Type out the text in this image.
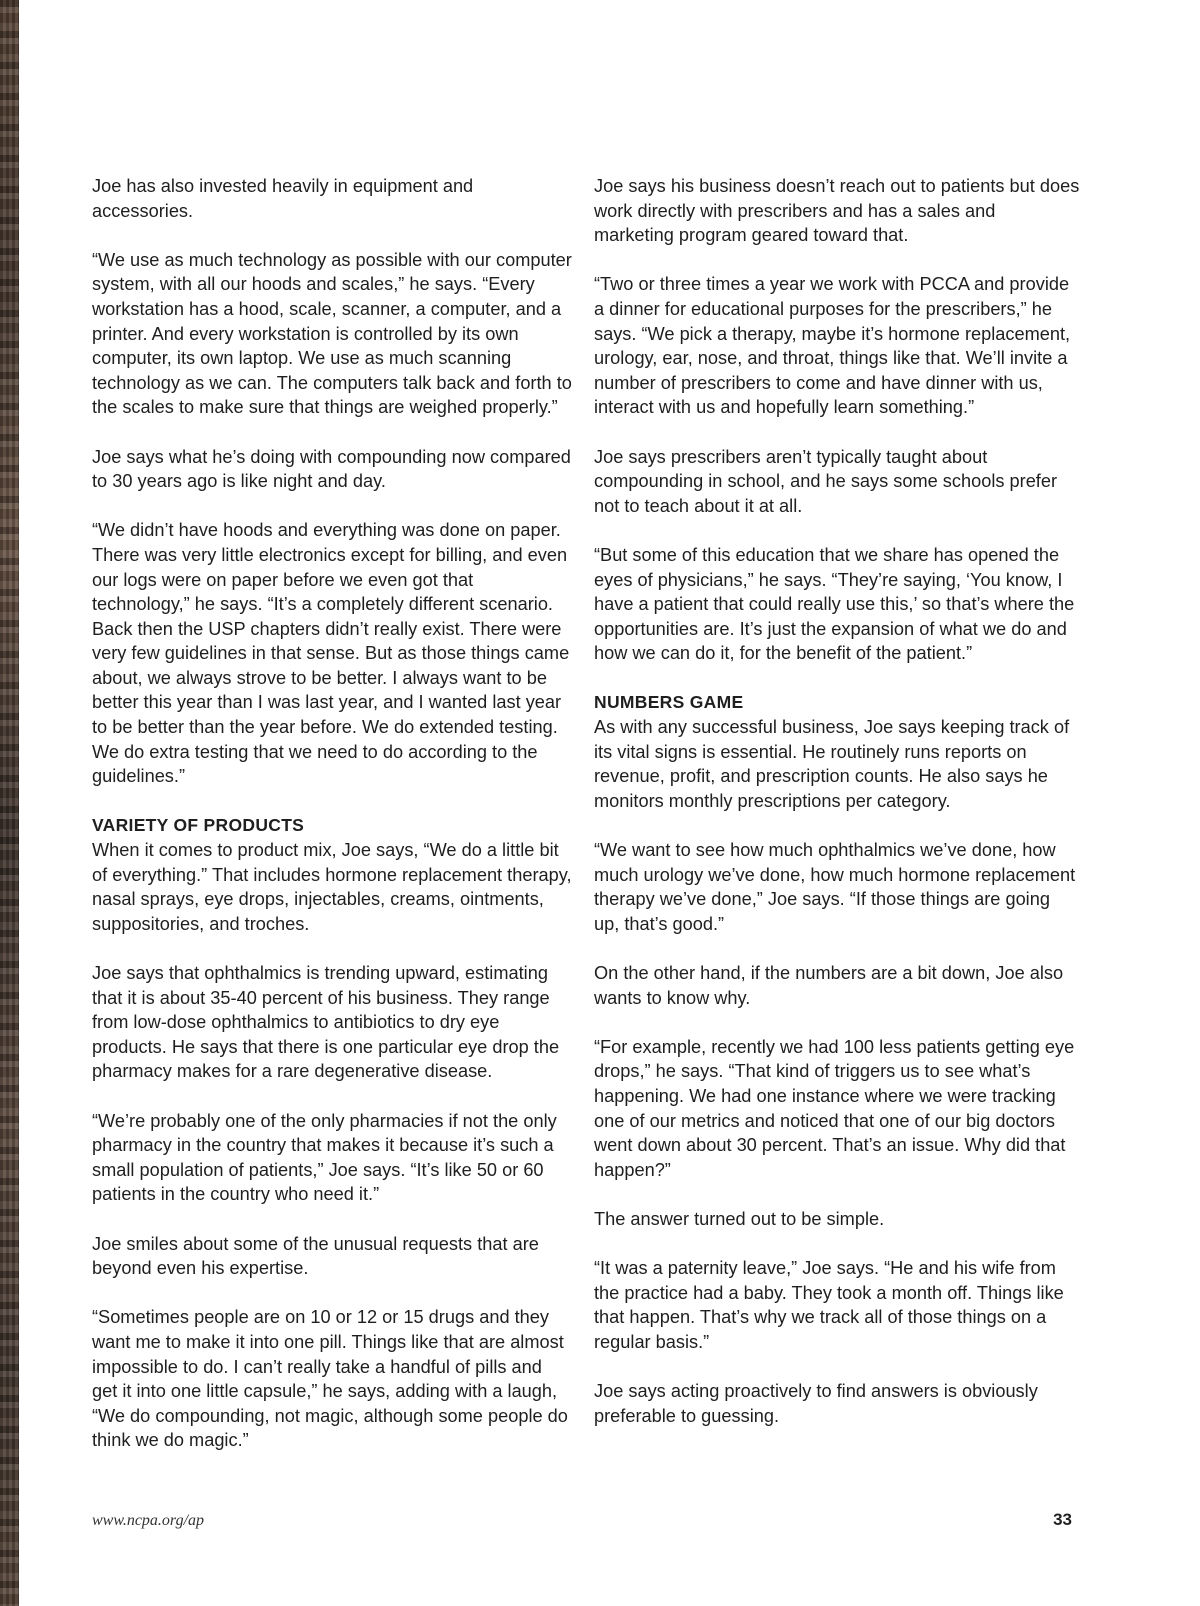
Joe has also invested heavily in equipment and accessories.

“We use as much technology as possible with our computer system, with all our hoods and scales,” he says. “Every workstation has a hood, scale, scanner, a computer, and a printer. And every workstation is controlled by its own computer, its own laptop. We use as much scanning technology as we can. The computers talk back and forth to the scales to make sure that things are weighed properly.”

Joe says what he’s doing with compounding now compared to 30 years ago is like night and day.

“We didn’t have hoods and everything was done on paper. There was very little electronics except for billing, and even our logs were on paper before we even got that technology,” he says. “It’s a completely different scenario. Back then the USP chapters didn’t really exist. There were very few guidelines in that sense. But as those things came about, we always strove to be better. I always want to be better this year than I was last year, and I wanted last year to be better than the year before. We do extended testing. We do extra testing that we need to do according to the guidelines.”

VARIETY OF PRODUCTS

When it comes to product mix, Joe says, “We do a little bit of everything.” That includes hormone replacement therapy, nasal sprays, eye drops, injectables, creams, ointments, suppositories, and troches.

Joe says that ophthalmics is trending upward, estimating that it is about 35-40 percent of his business. They range from low-dose ophthalmics to antibiotics to dry eye products. He says that there is one particular eye drop the pharmacy makes for a rare degenerative disease.

“We’re probably one of the only pharmacies if not the only pharmacy in the country that makes it because it’s such a small population of patients,” Joe says. “It’s like 50 or 60 patients in the country who need it.”

Joe smiles about some of the unusual requests that are beyond even his expertise.

“Sometimes people are on 10 or 12 or 15 drugs and they want me to make it into one pill. Things like that are almost impossible to do. I can’t really take a handful of pills and get it into one little capsule,” he says, adding with a laugh, “We do compounding, not magic, although some people do think we do magic.”

Joe says his business doesn’t reach out to patients but does work directly with prescribers and has a sales and marketing program geared toward that.

“Two or three times a year we work with PCCA and provide a dinner for educational purposes for the prescribers,” he says. “We pick a therapy, maybe it’s hormone replacement, urology, ear, nose, and throat, things like that. We’ll invite a number of prescribers to come and have dinner with us, interact with us and hopefully learn something.”

Joe says prescribers aren’t typically taught about compounding in school, and he says some schools prefer not to teach about it at all.

“But some of this education that we share has opened the eyes of physicians,” he says. “They’re saying, ‘You know, I have a patient that could really use this,’ so that’s where the opportunities are. It’s just the expansion of what we do and how we can do it, for the benefit of the patient.”

NUMBERS GAME

As with any successful business, Joe says keeping track of its vital signs is essential. He routinely runs reports on revenue, profit, and prescription counts. He also says he monitors monthly prescriptions per category.

“We want to see how much ophthalmics we’ve done, how much urology we’ve done, how much hormone replacement therapy we’ve done,” Joe says. “If those things are going up, that’s good.”

On the other hand, if the numbers are a bit down, Joe also wants to know why.

“For example, recently we had 100 less patients getting eye drops,” he says. “That kind of triggers us to see what’s happening. We had one instance where we were tracking one of our metrics and noticed that one of our big doctors went down about 30 percent. That’s an issue. Why did that happen?”

The answer turned out to be simple.

“It was a paternity leave,” Joe says. “He and his wife from the practice had a baby. They took a month off. Things like that happen. That’s why we track all of those things on a regular basis.”

Joe says acting proactively to find answers is obviously preferable to guessing.

www.ncpa.org/ap	33
